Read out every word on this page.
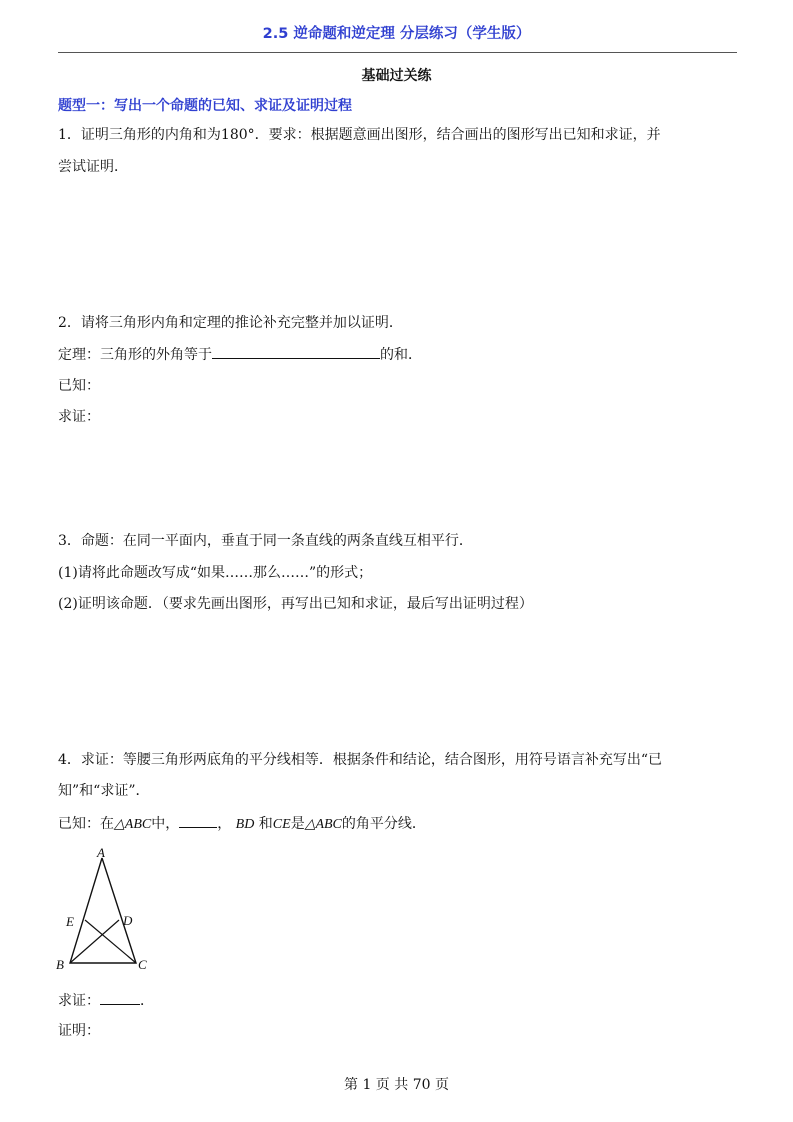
2.5 逆命题和逆定理 分层练习（学生版）
基础过关练
题型一：写出一个命题的已知、求证及证明过程
1．证明三角形的内角和为180°．要求：根据题意画出图形，结合画出的图形写出已知和求证，并
尝试证明．
2．请将三角形内角和定理的推论补充完整并加以证明．
定理：三角形的外角等于	的和．
已知：
求证：
3．命题：在同一平面内，垂直于同一条直线的两条直线互相平行．
(1)请将此命题改写成“如果……那么……”的形式；
(2)证明该命题．（要求先画出图形，再写出已知和求证，最后写出证明过程）
4．求证：等腰三角形两底角的平分线相等．根据条件和结论，结合图形，用符号语言补充写出“已
知”和“求证”．
已知：在△ABC中，	， BD 和CE是△ABC的角平分线．
A
E	D
B	C
求证：	．
证明：
第 1 页 共 70 页
